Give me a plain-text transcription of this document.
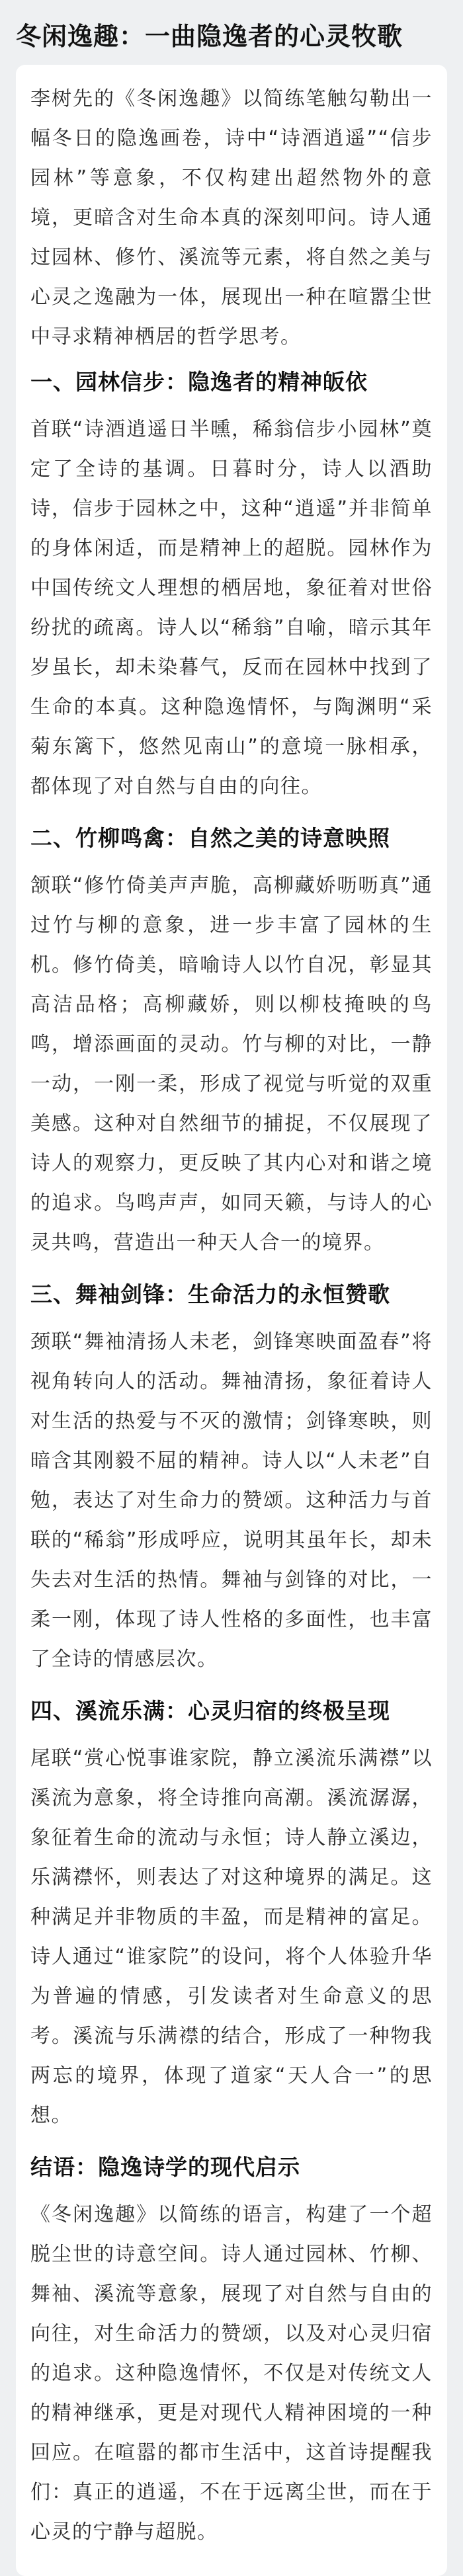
冬闲逸趣：一曲隐逸者的心灵牧歌

李树先的《冬闲逸趣》以简练笔触勾勒出一幅冬日的隐逸画卷，诗中“诗酒逍遥”“信步园林”等意象，不仅构建出超然物外的意境，更暗含对生命本真的深刻叩问。诗人通过园林、修竹、溪流等元素，将自然之美与心灵之逸融为一体，展现出一种在喧嚣尘世中寻求精神栖居的哲学思考。

一、园林信步：隐逸者的精神皈依

首联“诗酒逍遥日半曛，稀翁信步小园林”奠定了全诗的基调。日暮时分，诗人以酒助诗，信步于园林之中，这种“逍遥”并非简单的身体闲适，而是精神上的超脱。园林作为中国传统文人理想的栖居地，象征着对世俗纷扰的疏离。诗人以“稀翁”自喻，暗示其年岁虽长，却未染暮气，反而在园林中找到了生命的本真。这种隐逸情怀，与陶渊明“采菊东篱下，悠然见南山”的意境一脉相承，都体现了对自然与自由的向往。

二、竹柳鸣禽：自然之美的诗意映照

颔联“修竹倚美声声脆，高柳藏娇呖呖真”通过竹与柳的意象，进一步丰富了园林的生机。修竹倚美，暗喻诗人以竹自况，彰显其高洁品格；高柳藏娇，则以柳枝掩映的鸟鸣，增添画面的灵动。竹与柳的对比，一静一动，一刚一柔，形成了视觉与听觉的双重美感。这种对自然细节的捕捉，不仅展现了诗人的观察力，更反映了其内心对和谐之境的追求。鸟鸣声声，如同天籁，与诗人的心灵共鸣，营造出一种天人合一的境界。

三、舞袖剑锋：生命活力的永恒赞歌

颈联“舞袖清扬人未老，剑锋寒映面盈春”将视角转向人的活动。舞袖清扬，象征着诗人对生活的热爱与不灭的激情；剑锋寒映，则暗含其刚毅不屈的精神。诗人以“人未老”自勉，表达了对生命力的赞颂。这种活力与首联的“稀翁”形成呼应，说明其虽年长，却未失去对生活的热情。舞袖与剑锋的对比，一柔一刚，体现了诗人性格的多面性，也丰富了全诗的情感层次。

四、溪流乐满：心灵归宿的终极呈现

尾联“赏心悦事谁家院，静立溪流乐满襟”以溪流为意象，将全诗推向高潮。溪流潺潺，象征着生命的流动与永恒；诗人静立溪边，乐满襟怀，则表达了对这种境界的满足。这种满足并非物质的丰盈，而是精神的富足。诗人通过“谁家院”的设问，将个人体验升华为普遍的情感，引发读者对生命意义的思考。溪流与乐满襟的结合，形成了一种物我两忘的境界，体现了道家“天人合一”的思想。

结语：隐逸诗学的现代启示

《冬闲逸趣》以简练的语言，构建了一个超脱尘世的诗意空间。诗人通过园林、竹柳、舞袖、溪流等意象，展现了对自然与自由的向往，对生命活力的赞颂，以及对心灵归宿的追求。这种隐逸情怀，不仅是对传统文人的精神继承，更是对现代人精神困境的一种回应。在喧嚣的都市生活中，这首诗提醒我们：真正的逍遥，不在于远离尘世，而在于心灵的宁静与超脱。
